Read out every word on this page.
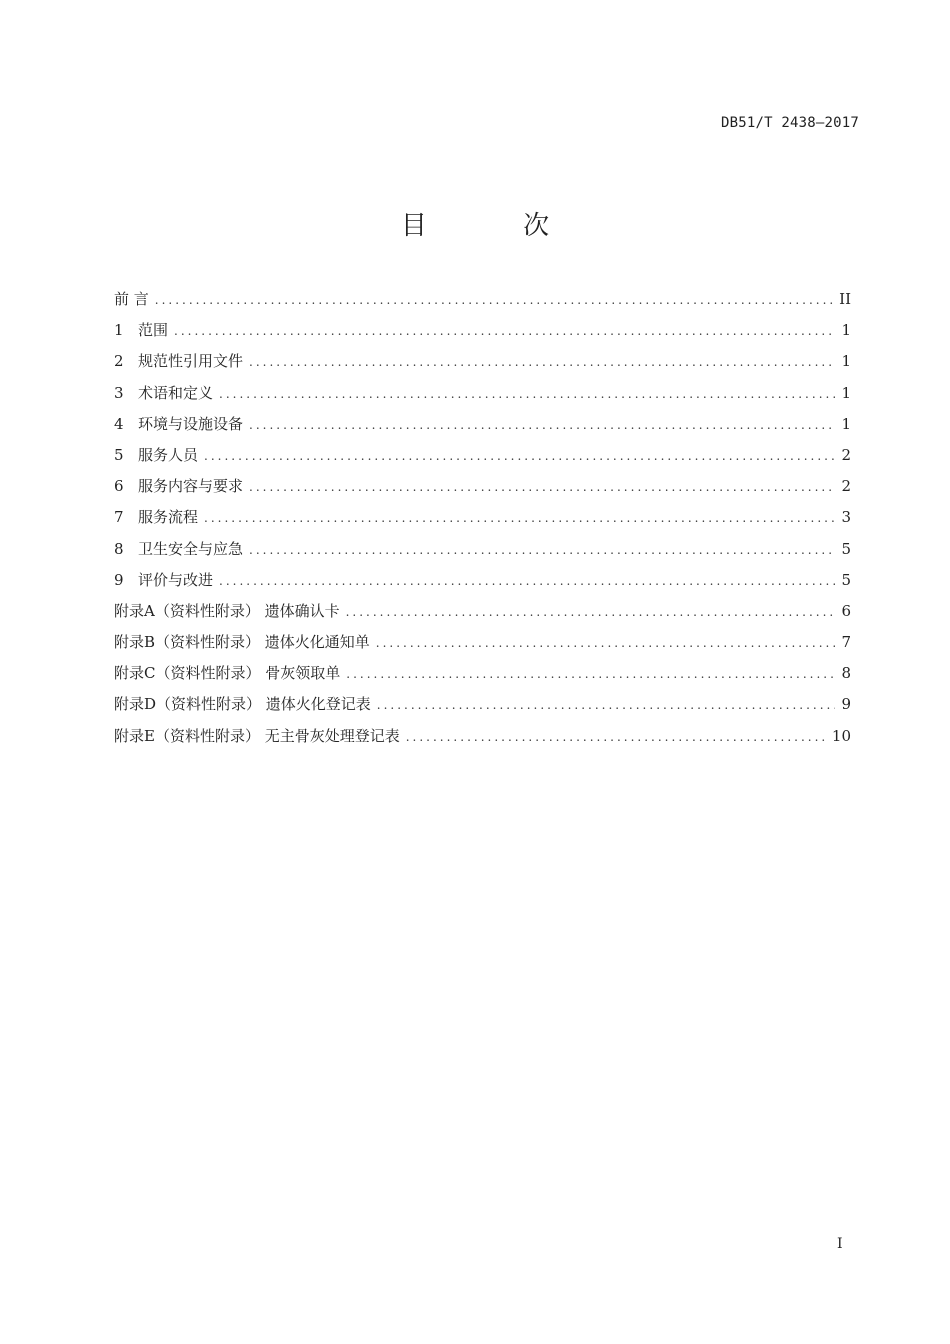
DB51/T 2438—2017
目 次
前 言 .....	II
1 范围 .....	1
2 规范性引用文件 .....	1
3 术语和定义 .....	1
4 环境与设施设备 .....	1
5 服务人员 .....	2
6 服务内容与要求 .....	2
7 服务流程 .....	3
8 卫生安全与应急 .....	5
9 评价与改进 .....	5
附录A（资料性附录） 遗体确认卡 .....	6
附录B（资料性附录） 遗体火化通知单 .....	7
附录C（资料性附录） 骨灰领取单 .....	8
附录D（资料性附录） 遗体火化登记表 .....	9
附录E（资料性附录） 无主骨灰处理登记表 .....	10
I
